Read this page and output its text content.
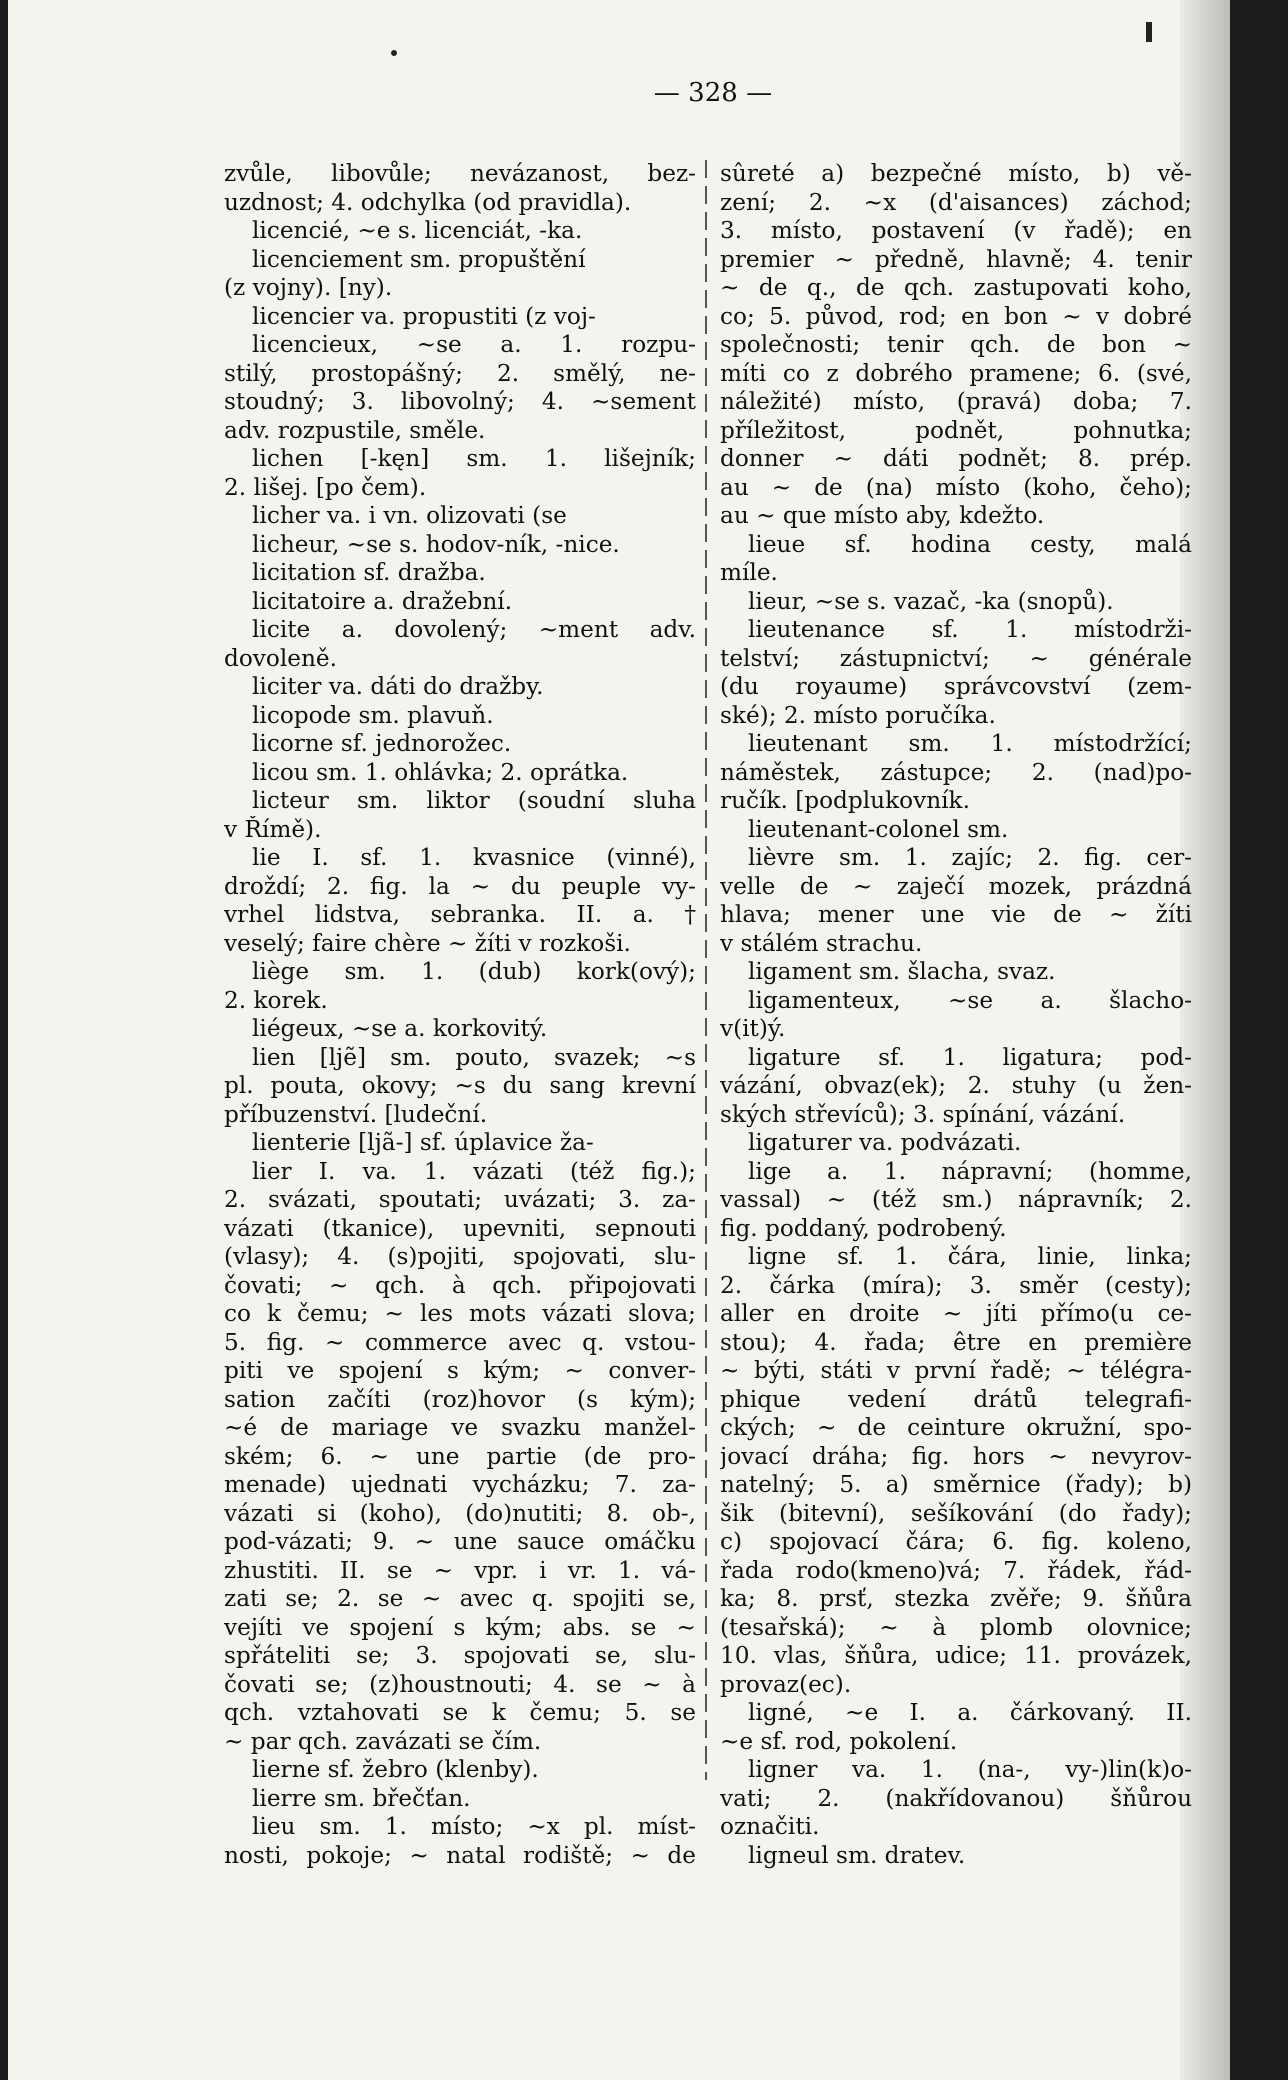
— 328 —
zvůle, libovůle; nevázanost, bez-
uzdnost; 4. odchylka (od pravidla).
licencié, ~e s. licenciát, -ka.
licenciement sm. propuštění
(z vojny). [ny).
licencier va. propustiti (z voj-
licencieux, ~se a. 1. rozpu-
stilý, prostopášný; 2. smělý, ne-
stoudný; 3. libovolný; 4. ~sement
adv. rozpustile, směle.
lichen [-kęn] sm. 1. lišejník;
2. lišej. [po čem).
licher va. i vn. olizovati (se
licheur, ~se s. hodov-ník, -nice.
licitation sf. dražba.
licitatoire a. dražební.
licite a. dovolený; ~ment adv.
dovoleně.
liciter va. dáti do dražby.
licopode sm. plavuň.
licorne sf. jednorožec.
licou sm. 1. ohlávka; 2. oprátka.
licteur sm. liktor (soudní sluha
v Římě).
lie I. sf. 1. kvasnice (vinné),
droždí; 2. fig. la ~ du peuple vy-
vrhel lidstva, sebranka. II. a. †
veselý; faire chère ~ žíti v rozkoši.
liège sm. 1. (dub) kork(ový);
2. korek.
liégeux, ~se a. korkovitý.
lien [ljẽ] sm. pouto, svazek; ~s
pl. pouta, okovy; ~s du sang krevní
příbuzenství. [ludeční.
lienterie [ljã-] sf. úplavice ža-
lier I. va. 1. vázati (též fig.);
2. svázati, spoutati; uvázati; 3. za-
vázati (tkanice), upevniti, sepnouti
(vlasy); 4. (s)pojiti, spojovati, slu-
čovati; ~ qch. à qch. připojovati
co k čemu; ~ les mots vázati slova;
5. fig. ~ commerce avec q. vstou-
piti ve spojení s kým; ~ conver-
sation začíti (roz)hovor (s kým);
~é de mariage ve svazku manžel-
ském; 6. ~ une partie (de pro-
menade) ujednati vycházku; 7. za-
vázati si (koho), (do)nutiti; 8. ob-,
pod-vázati; 9. ~ une sauce omáčku
zhustiti. II. se ~ vpr. i vr. 1. vá-
zati se; 2. se ~ avec q. spojiti se,
vejíti ve spojení s kým; abs. se ~
spřáteliti se; 3. spojovati se, slu-
čovati se; (z)houstnouti; 4. se ~ à
qch. vztahovati se k čemu; 5. se
~ par qch. zavázati se čím.
lierne sf. žebro (klenby).
lierre sm. břečťan.
lieu sm. 1. místo; ~x pl. míst-
nosti, pokoje; ~ natal rodiště; ~ de
sûreté a) bezpečné místo, b) vě-
zení; 2. ~x (d'aisances) záchod;
3. místo, postavení (v řadě); en
premier ~ předně, hlavně; 4. tenir
~ de q., de qch. zastupovati koho,
co; 5. původ, rod; en bon ~ v dobré
společnosti; tenir qch. de bon ~
míti co z dobrého pramene; 6. (své,
náležité) místo, (pravá) doba; 7.
příležitost, podnět, pohnutka;
donner ~ dáti podnět; 8. prép.
au ~ de (na) místo (koho, čeho);
au ~ que místo aby, kdežto.
lieue sf. hodina cesty, malá
míle.
lieur, ~se s. vazač, -ka (snopů).
lieutenance sf. 1. místodrži-
telství; zástupnictví; ~ générale
(du royaume) správcovství (zem-
ské); 2. místo poručíka.
lieutenant sm. 1. místodržící;
náměstek, zástupce; 2. (nad)po-
ručík. [podplukovník.
lieutenant-colonel sm.
lièvre sm. 1. zajíc; 2. fig. cer-
velle de ~ zaječí mozek, prázdná
hlava; mener une vie de ~ žíti
v stálém strachu.
ligament sm. šlacha, svaz.
ligamenteux, ~se a. šlacho-
v(it)ý.
ligature sf. 1. ligatura; pod-
vázání, obvaz(ek); 2. stuhy (u žen-
ských střevíců); 3. spínání, vázání.
ligaturer va. podvázati.
lige a. 1. nápravní; (homme,
vassal) ~ (též sm.) nápravník; 2.
fig. poddaný, podrobený.
ligne sf. 1. čára, linie, linka;
2. čárka (míra); 3. směr (cesty);
aller en droite ~ jíti přímo(u ce-
stou); 4. řada; être en première
~ býti, státi v první řadě; ~ télégra-
phique vedení drátů telegrafi-
ckých; ~ de ceinture okružní, spo-
jovací dráha; fig. hors ~ nevyrov-
natelný; 5. a) směrnice (řady); b)
šik (bitevní), sešíkování (do řady);
c) spojovací čára; 6. fig. koleno,
řada rodo(kmeno)vá; 7. řádek, řád-
ka; 8. prsť, stezka zvěře; 9. šňůra
(tesařská); ~ à plomb olovnice;
10. vlas, šňůra, udice; 11. provázek,
provaz(ec).
ligné, ~e I. a. čárkovaný. II.
~e sf. rod, pokolení.
ligner va. 1. (na-, vy-)lin(k)o-
vati; 2. (nakřídovanou) šňůrou
označiti.
ligneul sm. dratev.
